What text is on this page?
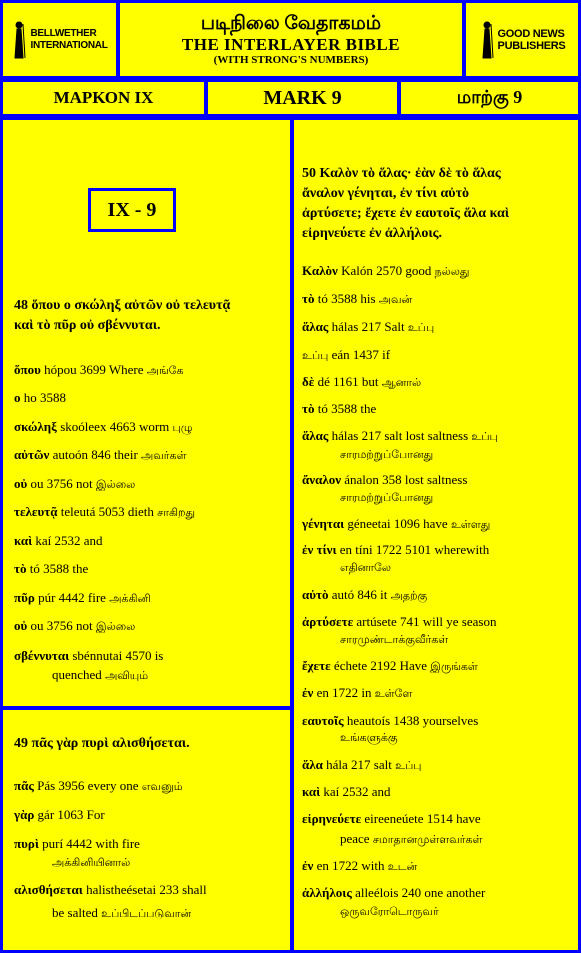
BELLWETHER
INTERNATIONAL
படிநிலை வேதாகமம்
THE INTERLAYER BIBLE
(WITH STRONG'S NUMBERS)
GOOD NEWS
PUBLISHERS
ΜΑΡΚΟΝ ΙΧ	MARK 9	மாற்கு 9
IX - 9
48 ὅπου ο σκώληξ αὐτῶν οὐ τελευτᾷ
καὶ τὸ πῦρ οὐ σβέννυται.
ὅπου hópou 3699 Where அங்கே
ο ho 3588
σκώληξ skoóleex 4663 worm புழு
αὐτῶν autoón 846 their அவர்கள்
οὐ ou 3756 not இல்லை
τελευτᾷ teleutá 5053 dieth சாகிறது
καὶ kaí 2532 and
τὸ tó 3588 the
πῦρ púr 4442 fire அக்கினி
οὐ ou 3756 not இல்லை
σβέννυται sbénnutai 4570 is
quenched அவியும்
49 πᾶς γὰρ πυρὶ αλισθήσεται.
πᾶς Pás 3956 every one எவனும்
γὰρ gár 1063 For
πυρὶ purí 4442 with fire
αλισθήσεται halistheésetai 233 shall
அக்கினியினால்
be salted உப்பிடப்படுவான்
50 Καλὸν τὸ ἅλας· ἐὰν δὲ τὸ ἅλας
ἄναλον γένηται, ἐν τίνι αὐτὸ
ἀρτύσετε; ἔχετε ἐν εαυτοῖς ἅλα καὶ
εἰρηνεύετε ἐν ἀλλήλοις.
Καλὸν Kalón 2570 good நல்லது
τὸ tó 3588 his அவன்
ἅλας hálas 217 Salt உப்பு
உப்பு eán 1437 if
δὲ dé 1161 but ஆனால்
τὸ tó 3588 the
ἅλας hálas 217 salt lost saltness உப்பு
ἄναλον ánalon 358 lost saltness
γένηται géneetai 1096 have உள்ளது
ἐν τίνι en tíni 1722 5101 wherewith
αὐτὸ autó 846 it அதற்கு
ἀρτύσετε artúsete 741 will ye season
ἔχετε échete 2192 Have இருங்கள்
ἐν en 1722 in உள்ளே
εαυτοῖς heautoís 1438 yourselves
ἅλα hála 217 salt உப்பு
καὶ kaí 2532 and
εἰρηνεύετε eireeneúete 1514 have
ἐν en 1722 with உடன்
ἀλλήλοις alleélois 240 one another
சாரமற்றுப்போனது
சாரமற்றுப்போனது
எதினாலே
சாரமுண்டாக்குவீர்கள்
உங்களுக்கு
peace சமாதானமுள்ளவர்கள்
ஒருவரோடொருவர்
